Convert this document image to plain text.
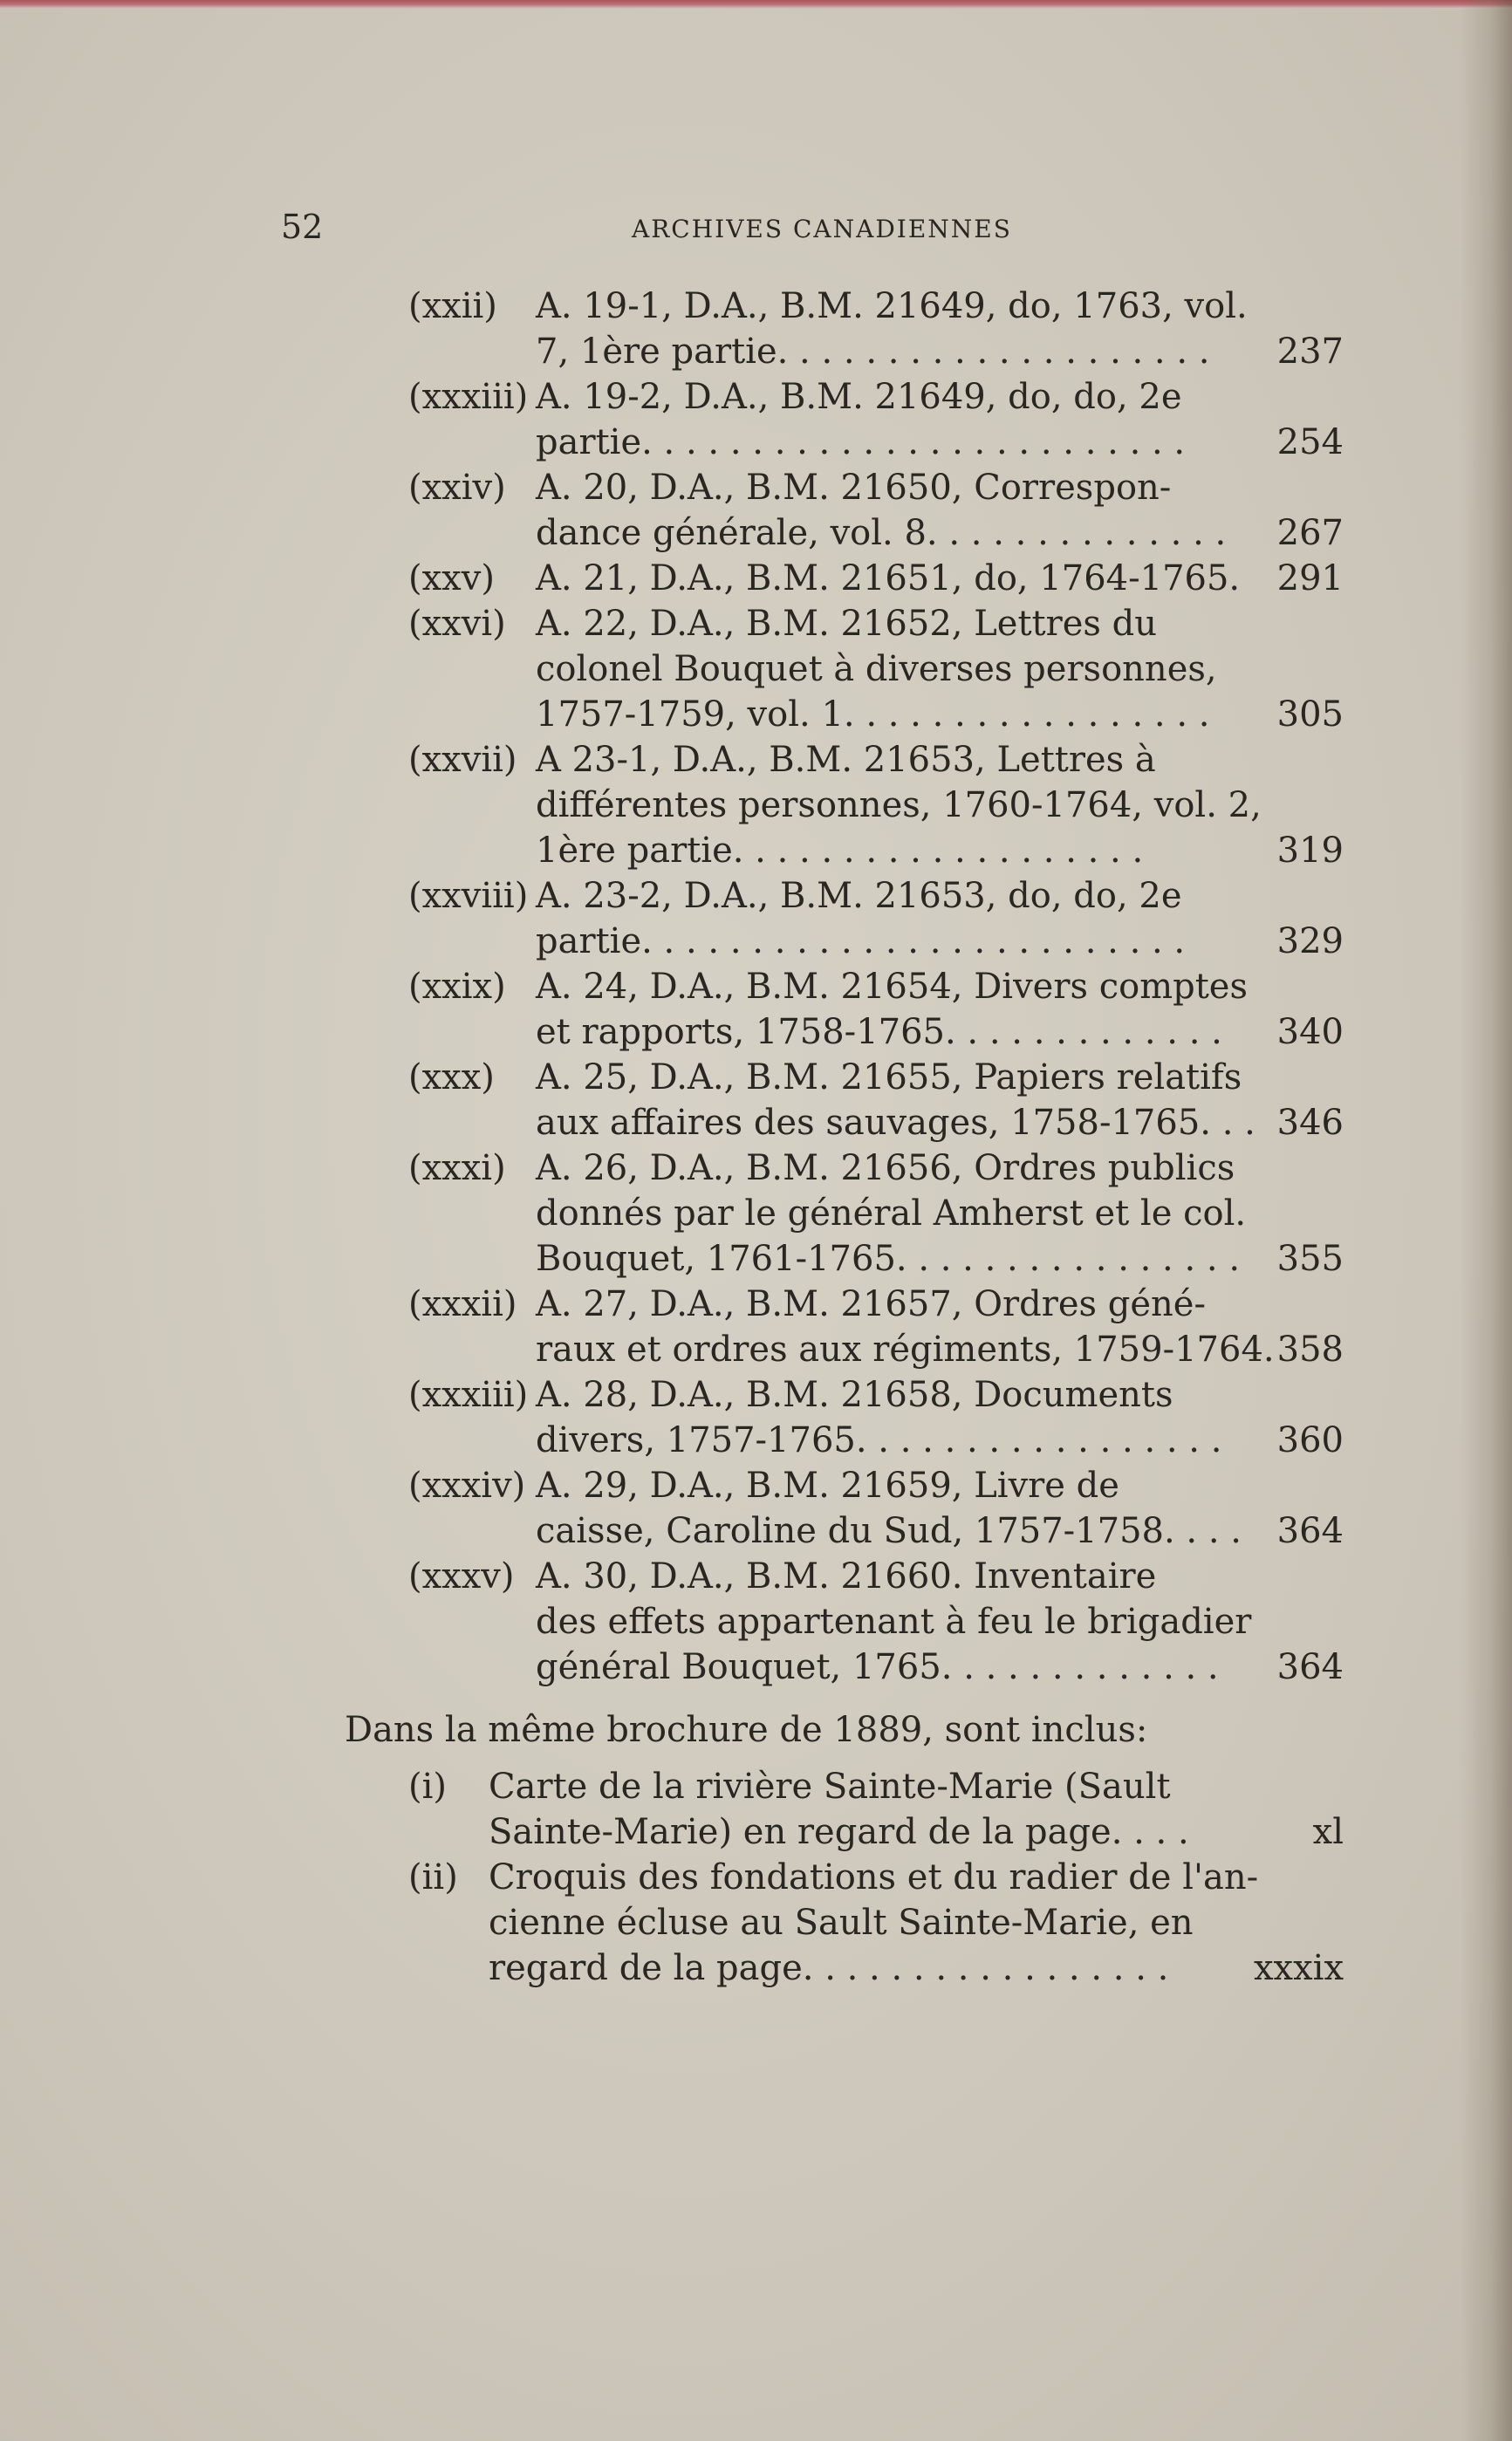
52	ARCHIVES CANADIENNES
(xxii) A. 19-1, D.A., B.M. 21649, do, 1763, vol.
7, 1ère partie. . . . . . . . . . . . . . . . . . . . 237
(xxxiii) A. 19-2, D.A., B.M. 21649, do, do, 2e
partie. . . . . . . . . . . . . . . . . . . . . . . . .	254
(xxiv) A. 20, D.A., B.M. 21650, Correspon-
dance générale, vol. 8. . . . . . . . . . . . . . 267
(xxv) A. 21, D.A., B.M. 21651, do, 1764-1765. 291
(xxvi) A. 22, D.A., B.M. 21652, Lettres du
colonel Bouquet à diverses personnes,
1757-1759, vol. 1. . . . . . . . . . . . . . . . . 305
(xxvii) A 23-1, D.A., B.M. 21653, Lettres à
différentes personnes, 1760-1764, vol. 2,
1ère partie. . . . . . . . . . . . . . . . . . .	319
(xxviii) A. 23-2, D.A., B.M. 21653, do, do, 2e
partie. . . . . . . . . . . . . . . . . . . . . . . . .	329
(xxix) A. 24, D.A., B.M. 21654, Divers comptes
et rapports, 1758-1765. . . . . . . . . . . . . 340
(xxx) A. 25, D.A., B.M. 21655, Papiers relatifs
aux affaires des sauvages, 1758-1765. . . 346
(xxxi) A. 26, D.A., B.M. 21656, Ordres publics
donnés par le général Amherst et le col.
Bouquet, 1761-1765. . . . . . . . . . . . . . . . 355
(xxxii) A. 27, D.A., B.M. 21657, Ordres géné-
raux et ordres aux régiments, 1759-1764. 358
(xxxiii) A. 28, D.A., B.M. 21658, Documents
divers, 1757-1765. . . . . . . . . . . . . . . . . 360
(xxxiv) A. 29, D.A., B.M. 21659, Livre de
caisse, Caroline du Sud, 1757-1758. . . . 364
(xxxv) A. 30, D.A., B.M. 21660. Inventaire
des effets appartenant à feu le brigadier
général Bouquet, 1765. . . . . . . . . . . . . 364
Dans la même brochure de 1889, sont inclus:
(i) Carte de la rivière Sainte-Marie (Sault
Sainte-Marie) en regard de la page. . . .	xl
(ii) Croquis des fondations et du radier de l'an-
cienne écluse au Sault Sainte-Marie, en
regard de la page. . . . . . . . . . . . . . . . . xxxix
